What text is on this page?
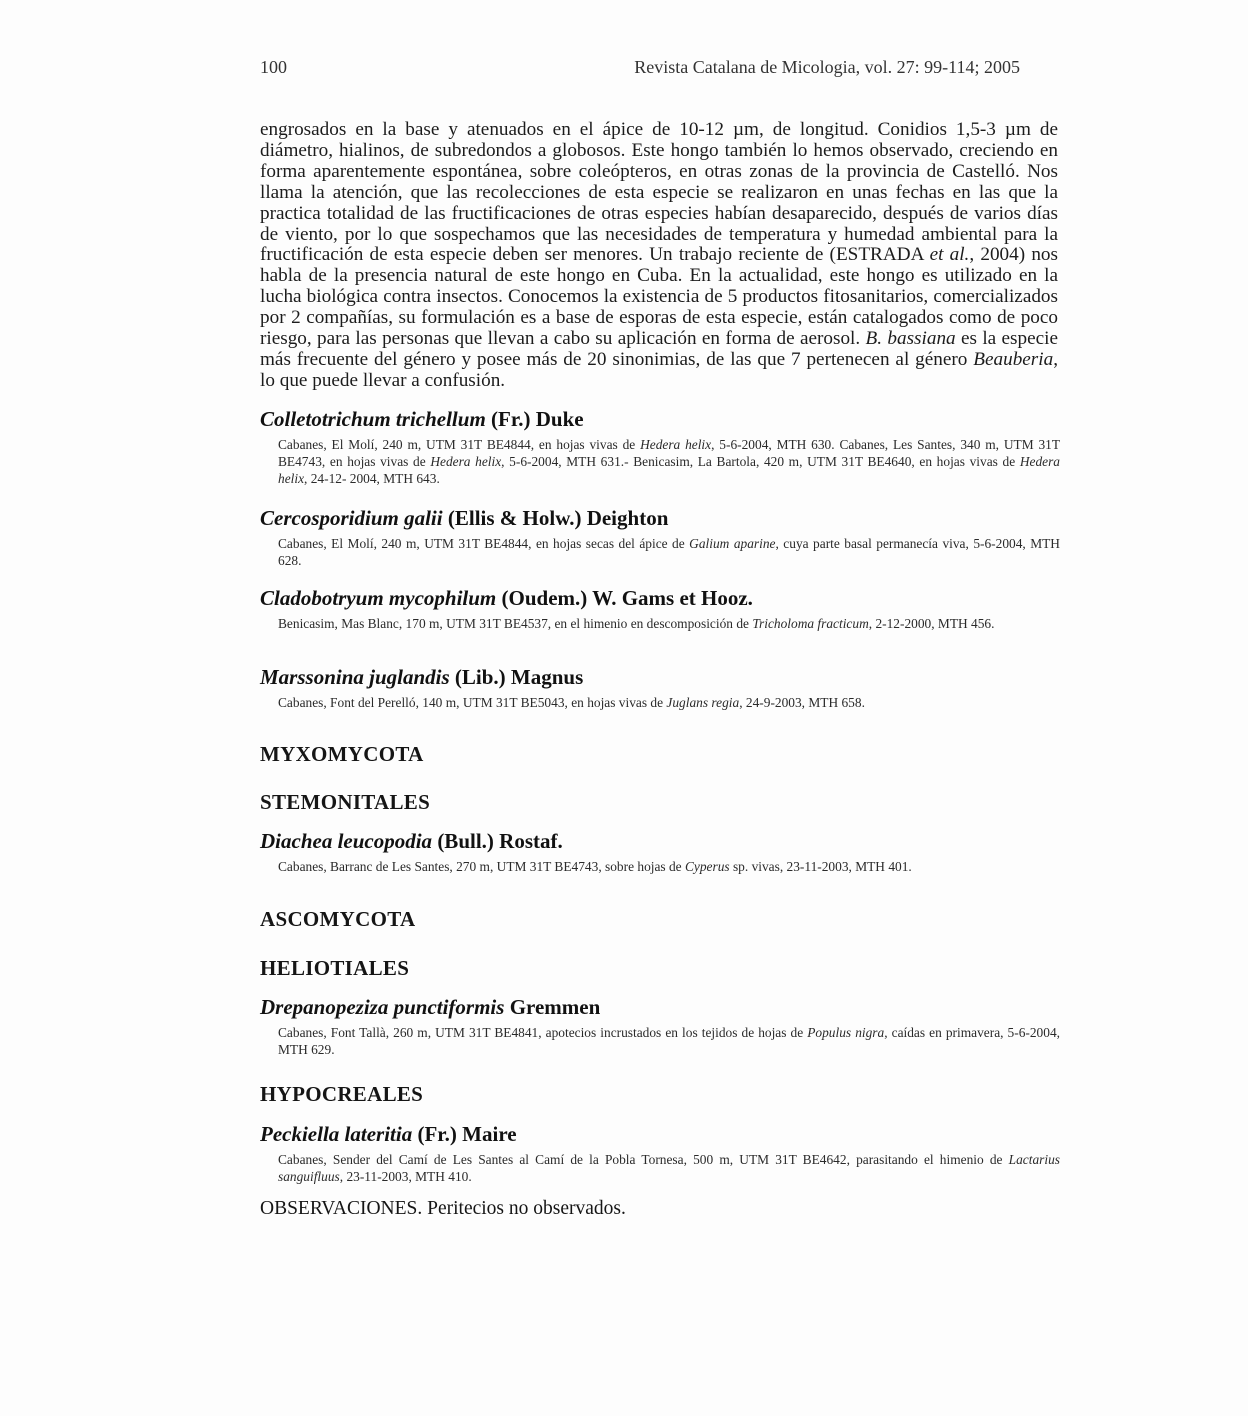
100	Revista Catalana de Micologia, vol. 27: 99-114; 2005

engrosados en la base y atenuados en el ápice de 10-12 µm, de longitud. Conidios 1,5-3 µm de diámetro, hialinos, de subredondos a globosos. Este hongo también lo hemos observado, creciendo en forma aparentemente espontánea, sobre coleópteros, en otras zonas de la provincia de Castelló. Nos llama la atención, que las recolecciones de esta especie se realizaron en unas fechas en las que la practica totalidad de las fructificaciones de otras especies habían desaparecido, después de varios días de viento, por lo que sospechamos que las necesidades de temperatura y humedad ambiental para la fructificación de esta especie deben ser menores. Un trabajo reciente de (ESTRADA et al., 2004) nos habla de la presencia natural de este hongo en Cuba. En la actualidad, este hongo es utilizado en la lucha biológica contra insectos. Conocemos la existencia de 5 productos fitosanitarios, comercializados por 2 compañías, su formulación es a base de esporas de esta especie, están catalogados como de poco riesgo, para las personas que llevan a cabo su aplicación en forma de aerosol. B. bassiana es la especie más frecuente del género y posee más de 20 sinonimias, de las que 7 pertenecen al género Beauberia, lo que puede llevar a confusión.

Colletotrichum trichellum (Fr.) Duke

Cabanes, El Molí, 240 m, UTM 31T BE4844, en hojas vivas de Hedera helix, 5-6-2004, MTH 630. Cabanes, Les Santes, 340 m, UTM 31T BE4743, en hojas vivas de Hedera helix, 5-6-2004, MTH 631.- Benicasim, La Bartola, 420 m, UTM 31T BE4640, en hojas vivas de Hedera helix, 24-12- 2004, MTH 643.

Cercosporidium galii (Ellis & Holw.) Deighton

Cabanes, El Molí, 240 m, UTM 31T BE4844, en hojas secas del ápice de Galium aparine, cuya parte basal permanecía viva, 5-6-2004, MTH 628.

Cladobotryum mycophilum (Oudem.) W. Gams et Hooz.

Benicasim, Mas Blanc, 170 m, UTM 31T BE4537, en el himenio en descomposición de Tricholoma fracticum, 2-12-2000, MTH 456.

Marssonina juglandis (Lib.) Magnus

Cabanes, Font del Perelló, 140 m, UTM 31T BE5043, en hojas vivas de Juglans regia, 24-9-2003, MTH 658.

MYXOMYCOTA
STEMONITALES
Diachea leucopodia (Bull.) Rostaf.

Cabanes, Barranc de Les Santes, 270 m, UTM 31T BE4743, sobre hojas de Cyperus sp. vivas, 23-11-2003, MTH 401.

ASCOMYCOTA
HELIOTIALES
Drepanopeziza punctiformis Gremmen

Cabanes, Font Tallà, 260 m, UTM 31T BE4841, apotecios incrustados en los tejidos de hojas de Populus nigra, caídas en primavera, 5-6-2004, MTH 629.

HYPOCREALES
Peckiella lateritia (Fr.) Maire

Cabanes, Sender del Camí de Les Santes al Camí de la Pobla Tornesa, 500 m, UTM 31T BE4642, parasitando el himenio de Lactarius sanguifluus, 23-11-2003, MTH 410.

OBSERVACIONES. Peritecios no observados.
